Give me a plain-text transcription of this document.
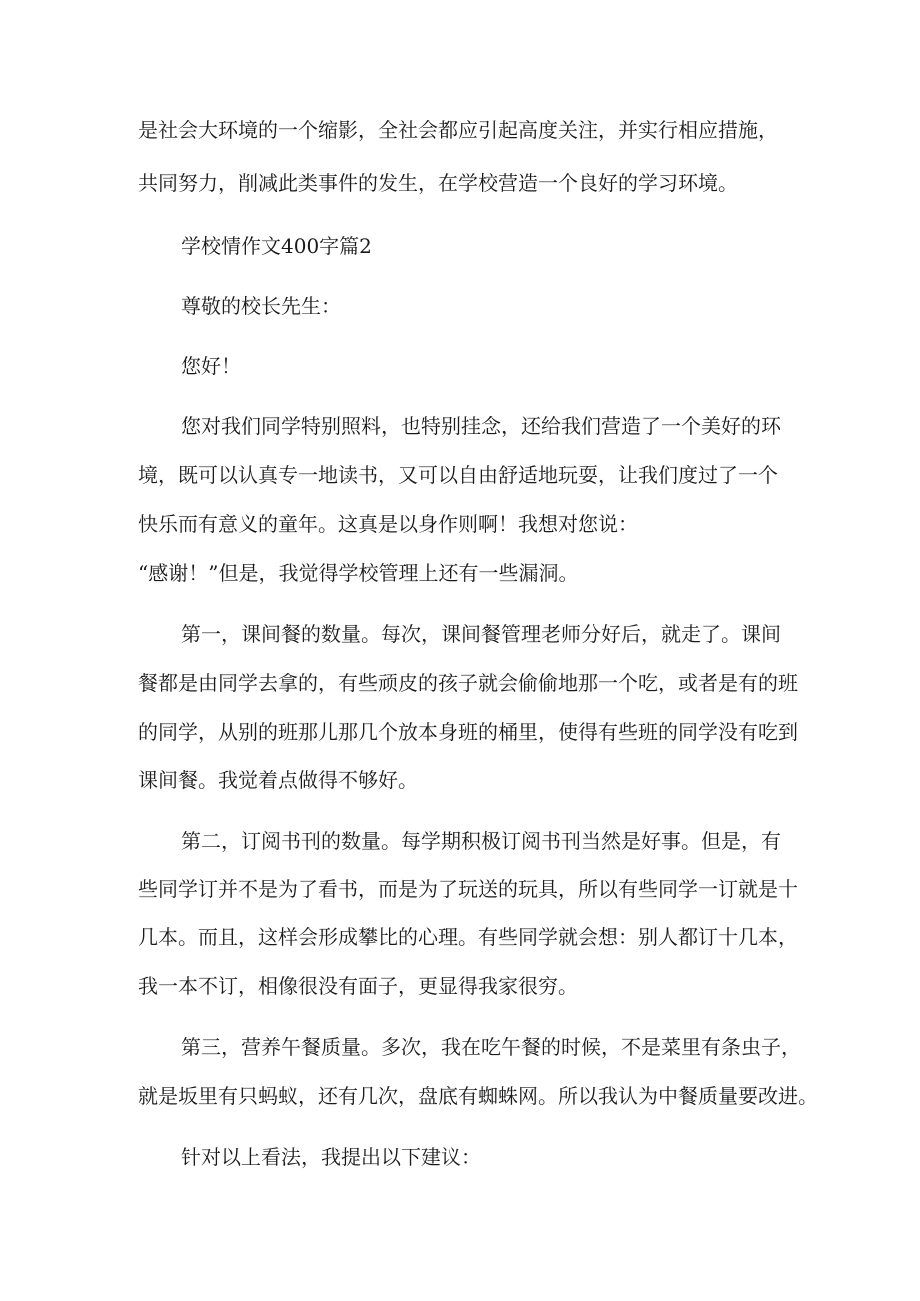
是社会大环境的一个缩影，全社会都应引起高度关注，并实行相应措施，

共同努力，削减此类事件的发生，在学校营造一个良好的学习环境。

学校情作文400字篇2

尊敬的校长先生：

您好！

您对我们同学特别照料，也特别挂念，还给我们营造了一个美好的环

境，既可以认真专一地读书，又可以自由舒适地玩耍，让我们度过了一个

快乐而有意义的童年。这真是以身作则啊！我想对您说：

“感谢！”但是，我觉得学校管理上还有一些漏洞。

第一，课间餐的数量。每次，课间餐管理老师分好后，就走了。课间

餐都是由同学去拿的，有些顽皮的孩子就会偷偷地那一个吃，或者是有的班

的同学，从别的班那儿那几个放本身班的桶里，使得有些班的同学没有吃到

课间餐。我觉着点做得不够好。

第二，订阅书刊的数量。每学期积极订阅书刊当然是好事。但是，有

些同学订并不是为了看书，而是为了玩送的玩具，所以有些同学一订就是十

几本。而且，这样会形成攀比的心理。有些同学就会想：别人都订十几本，

我一本不订，相像很没有面子，更显得我家很穷。

第三，营养午餐质量。多次，我在吃午餐的时候，不是菜里有条虫子，

就是坂里有只蚂蚁，还有几次，盘底有蜘蛛网。所以我认为中餐质量要改进。

针对以上看法，我提出以下建议：
